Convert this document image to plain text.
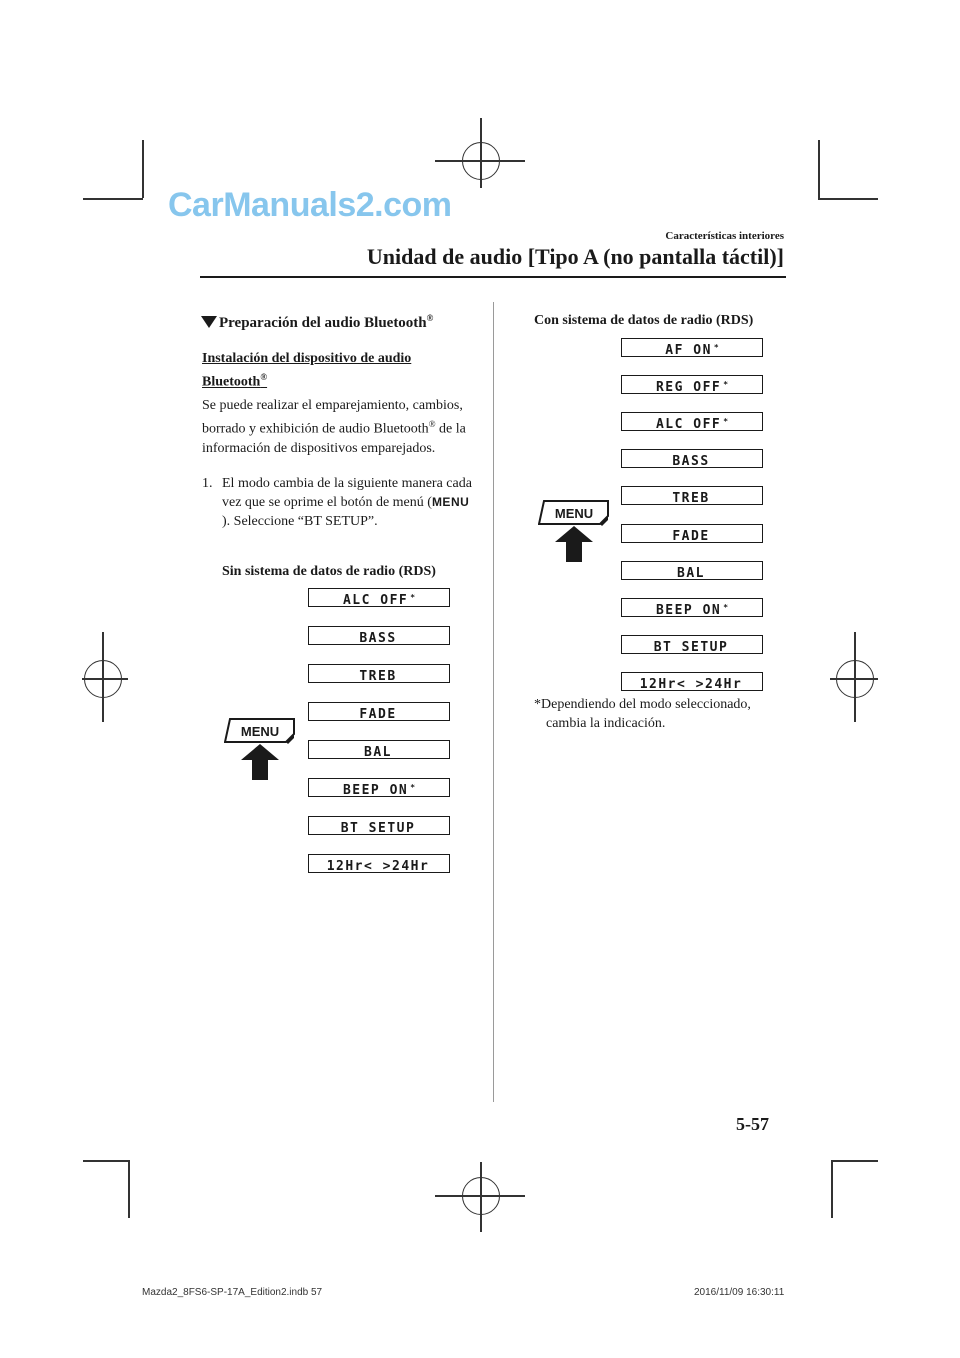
CarManuals2.com
Características interiores
Unidad de audio [Tipo A (no pantalla táctil)]
Preparación del audio Bluetooth®
Instalación del dispositivo de audio Bluetooth®
Se puede realizar el emparejamiento, cambios, borrado y exhibición de audio Bluetooth® de la información de dispositivos emparejados.
1. El modo cambia de la siguiente manera cada vez que se oprime el botón de menú (MENU). Seleccione “BT SETUP”.
Sin sistema de datos de radio (RDS)
ALC OFF *
BASS
TREB
FADE
BAL
BEEP ON *
BT SETUP
12Hr< >24Hr
MENU
Con sistema de datos de radio (RDS)
AF ON *
REG OFF *
ALC OFF *
BASS
TREB
FADE
BAL
BEEP ON *
BT SETUP
12Hr< >24Hr
MENU
*Dependiendo del modo seleccionado,
cambia la indicación.
5-57
Mazda2_8FS6-SP-17A_Edition2.indb 57	2016/11/09 16:30:11
